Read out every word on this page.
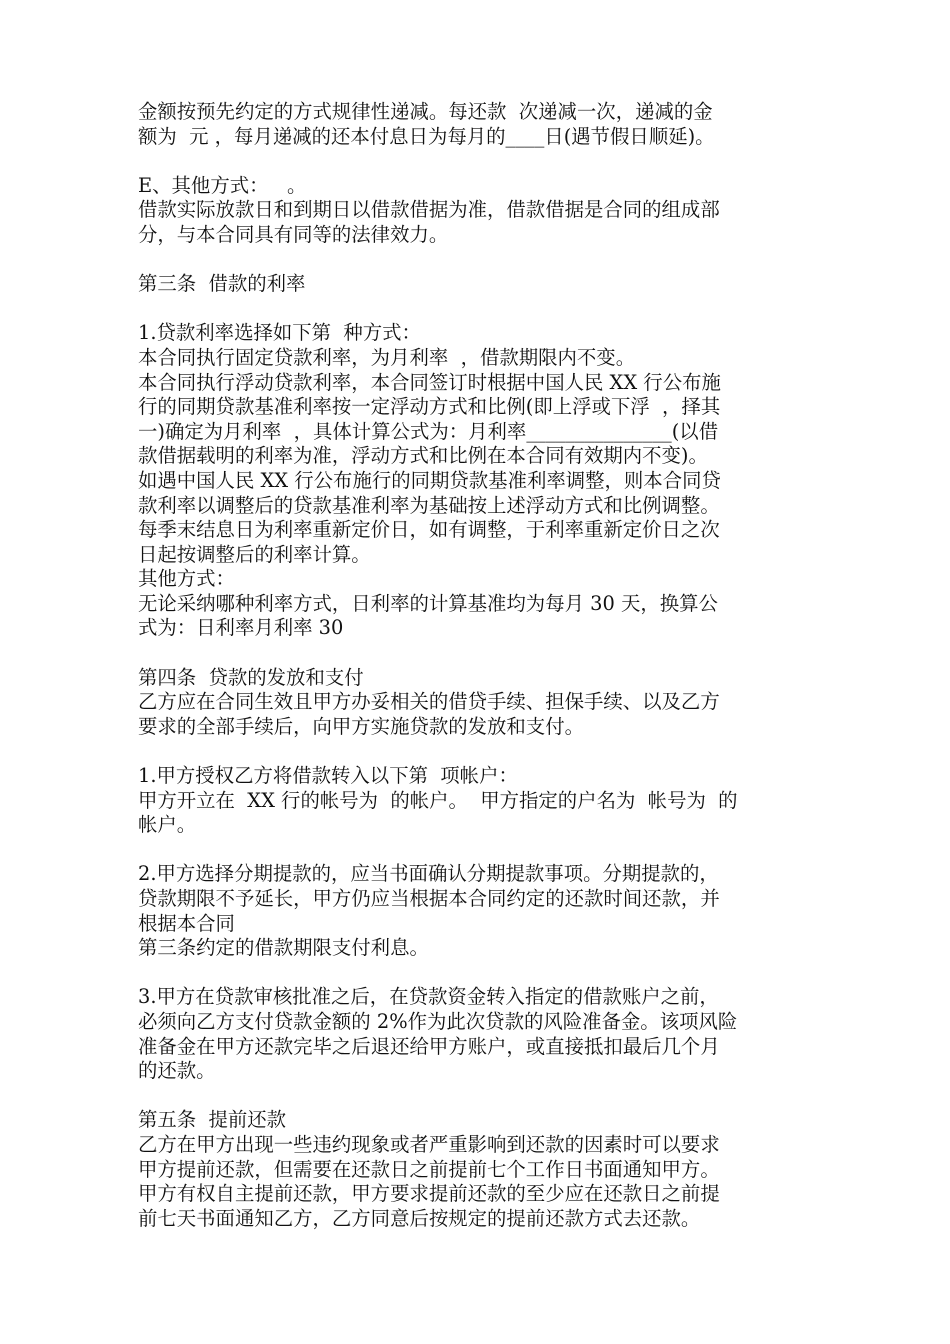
金额按预先约定的方式规律性递减。每还款  次递减一次，递减的金
额为  元 ，每月递减的还本付息日为每月的____日(遇节假日顺延)。
E、其他方式：   。
借款实际放款日和到期日以借款借据为准，借款借据是合同的组成部
分，与本合同具有同等的法律效力。
第三条  借款的利率
1.贷款利率选择如下第  种方式：
本合同执行固定贷款利率，为月利率  ，借款期限内不变。
本合同执行浮动贷款利率，本合同签订时根据中国人民 XX 行公布施
行的同期贷款基准利率按一定浮动方式和比例(即上浮或下浮  ，择其
一)确定为月利率  ，具体计算公式为：月利率_______________(以借
款借据载明的利率为准，浮动方式和比例在本合同有效期内不变)。
如遇中国人民 XX 行公布施行的同期贷款基准利率调整，则本合同贷
款利率以调整后的贷款基准利率为基础按上述浮动方式和比例调整。
每季末结息日为利率重新定价日，如有调整，于利率重新定价日之次
日起按调整后的利率计算。
其他方式：
无论采纳哪种利率方式，日利率的计算基准均为每月 30 天，换算公
式为：日利率月利率 30
第四条  贷款的发放和支付
乙方应在合同生效且甲方办妥相关的借贷手续、担保手续、以及乙方
要求的全部手续后，向甲方实施贷款的发放和支付。
1.甲方授权乙方将借款转入以下第  项帐户：
甲方开立在  XX 行的帐号为  的帐户。  甲方指定的户名为  帐号为  的
帐户。
2.甲方选择分期提款的，应当书面确认分期提款事项。分期提款的，
贷款期限不予延长，甲方仍应当根据本合同约定的还款时间还款，并
根据本合同
第三条约定的借款期限支付利息。
3.甲方在贷款审核批准之后，在贷款资金转入指定的借款账户之前，
必须向乙方支付贷款金额的 2%作为此次贷款的风险准备金。该项风险
准备金在甲方还款完毕之后退还给甲方账户，或直接抵扣最后几个月
的还款。
第五条  提前还款
乙方在甲方出现一些违约现象或者严重影响到还款的因素时可以要求
甲方提前还款，但需要在还款日之前提前七个工作日书面通知甲方。
甲方有权自主提前还款，甲方要求提前还款的至少应在还款日之前提
前七天书面通知乙方，乙方同意后按规定的提前还款方式去还款。
